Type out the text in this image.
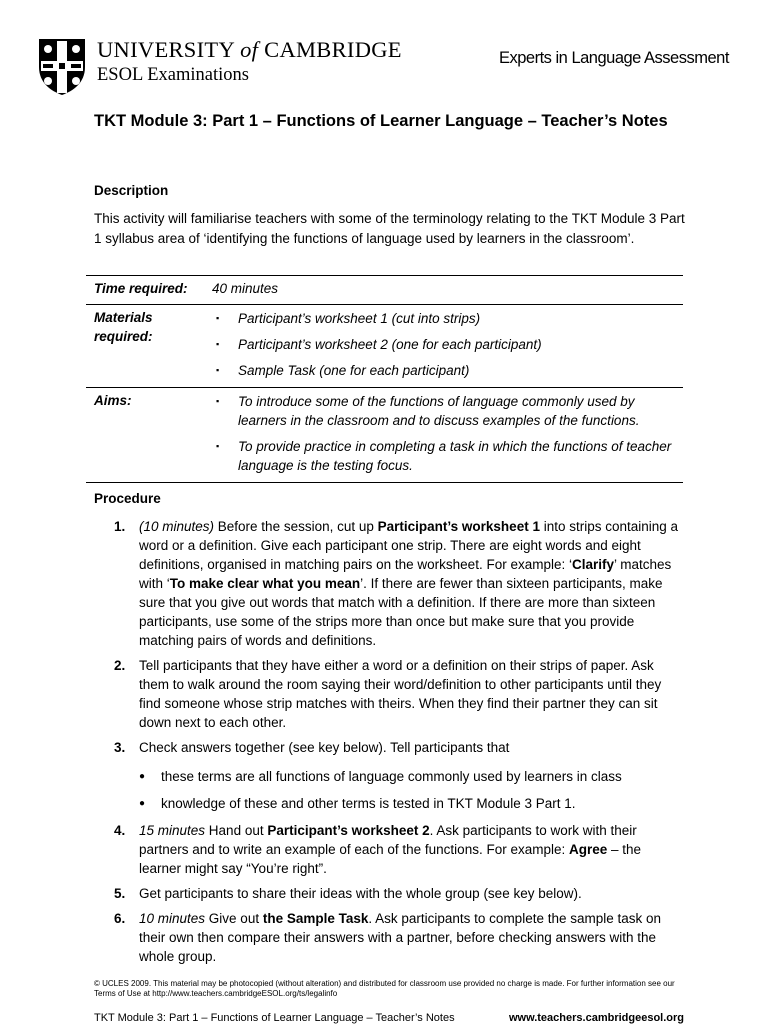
UNIVERSITY of CAMBRIDGE
ESOL Examinations
Experts in Language Assessment
TKT Module 3: Part 1 – Functions of Learner Language – Teacher’s Notes
Description
This activity will familiarise teachers with some of the terminology relating to the TKT Module 3 Part 1 syllabus area of ‘identifying the functions of language used by learners in the classroom’.
Time required:	40 minutes
Materials required:
▪	Participant’s worksheet 1 (cut into strips)
▪	Participant’s worksheet 2 (one for each participant)
▪	Sample Task (one for each participant)
Aims:	▪	To introduce some of the functions of language commonly used by learners in the classroom and to discuss examples of the functions.
▪	To provide practice in completing a task in which the functions of teacher language is the testing focus.
Procedure
1.	(10 minutes) Before the session, cut up Participant’s worksheet 1 into strips containing a word or a definition. Give each participant one strip. There are eight words and eight definitions, organised in matching pairs on the worksheet. For example: ‘Clarify’ matches with ‘To make clear what you mean’. If there are fewer than sixteen participants, make sure that you give out words that match with a definition. If there are more than sixteen participants, use some of the strips more than once but make sure that you provide matching pairs of words and definitions.
2.	Tell participants that they have either a word or a definition on their strips of paper. Ask them to walk around the room saying their word/definition to other participants until they find someone whose strip matches with theirs. When they find their partner they can sit down next to each other.
3.	Check answers together (see key below). Tell participants that
●	these terms are all functions of language commonly used by learners in class
●	knowledge of these and other terms is tested in TKT Module 3 Part 1.
4.	15 minutes Hand out Participant’s worksheet 2. Ask participants to work with their partners and to write an example of each of the functions. For example: Agree – the learner might say “You’re right”.
5.	Get participants to share their ideas with the whole group (see key below).
6.	10 minutes Give out the Sample Task. Ask participants to complete the sample task on their own then compare their answers with a partner, before checking answers with the whole group.
© UCLES 2009. This material may be photocopied (without alteration) and distributed for classroom use provided no charge is made. For further information see our Terms of Use at http://www.teachers.cambridgeESOL.org/ts/legalinfo
TKT Module 3: Part 1 – Functions of Learner Language – Teacher’s Notes	www.teachers.cambridgeesol.org
